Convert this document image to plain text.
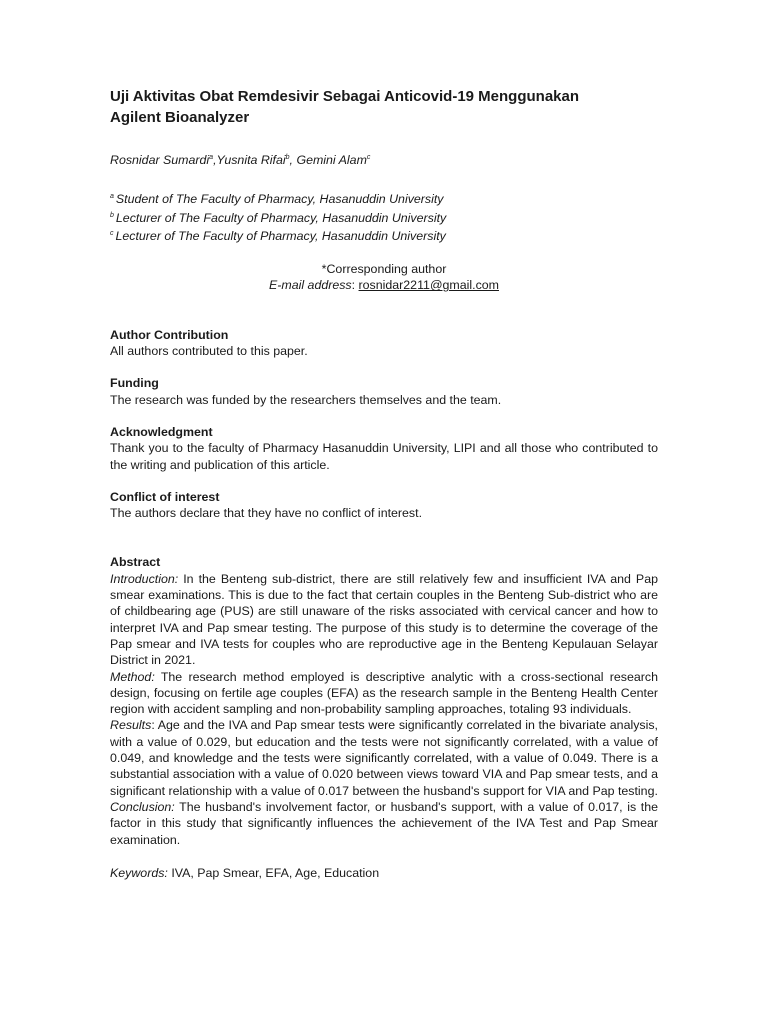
Uji Aktivitas Obat Remdesivir Sebagai Anticovid-19 Menggunakan
Agilent Bioanalyzer
Rosnidar Sumardi$^a$,Yusnita Rifai$^b$, Gemini Alam$^c$
$^a$ Student of The Faculty of Pharmacy, Hasanuddin University
$^b$ Lecturer of The Faculty of Pharmacy, Hasanuddin University
$^c$ Lecturer of The Faculty of Pharmacy, Hasanuddin University
*Corresponding author
E-mail address: rosnidar2211@gmail.com
Author Contribution
All authors contributed to this paper.
Funding
The research was funded by the researchers themselves and the team.
Acknowledgment
Thank you to the faculty of Pharmacy Hasanuddin University, LIPI and all those who contributed to the writing and publication of this article.
Conflict of interest
The authors declare that they have no conflict of interest.
Abstract
Introduction: In the Benteng sub-district, there are still relatively few and insufficient IVA and Pap smear examinations. This is due to the fact that certain couples in the Benteng Sub-district who are of childbearing age (PUS) are still unaware of the risks associated with cervical cancer and how to interpret IVA and Pap smear testing. The purpose of this study is to determine the coverage of the Pap smear and IVA tests for couples who are reproductive age in the Benteng Kepulauan Selayar District in 2021.
Method: The research method employed is descriptive analytic with a cross-sectional research design, focusing on fertile age couples (EFA) as the research sample in the Benteng Health Center region with accident sampling and non-probability sampling approaches, totaling 93 individuals.
Results: Age and the IVA and Pap smear tests were significantly correlated in the bivariate analysis, with a value of 0.029, but education and the tests were not significantly correlated, with a value of 0.049, and knowledge and the tests were significantly correlated, with a value of 0.049. There is a substantial association with a value of 0.020 between views toward VIA and Pap smear tests, and a significant relationship with a value of 0.017 between the husband's support for VIA and Pap testing.
Conclusion: The husband's involvement factor, or husband's support, with a value of 0.017, is the factor in this study that significantly influences the achievement of the IVA Test and Pap Smear examination.
Keywords: IVA, Pap Smear, EFA, Age, Education
